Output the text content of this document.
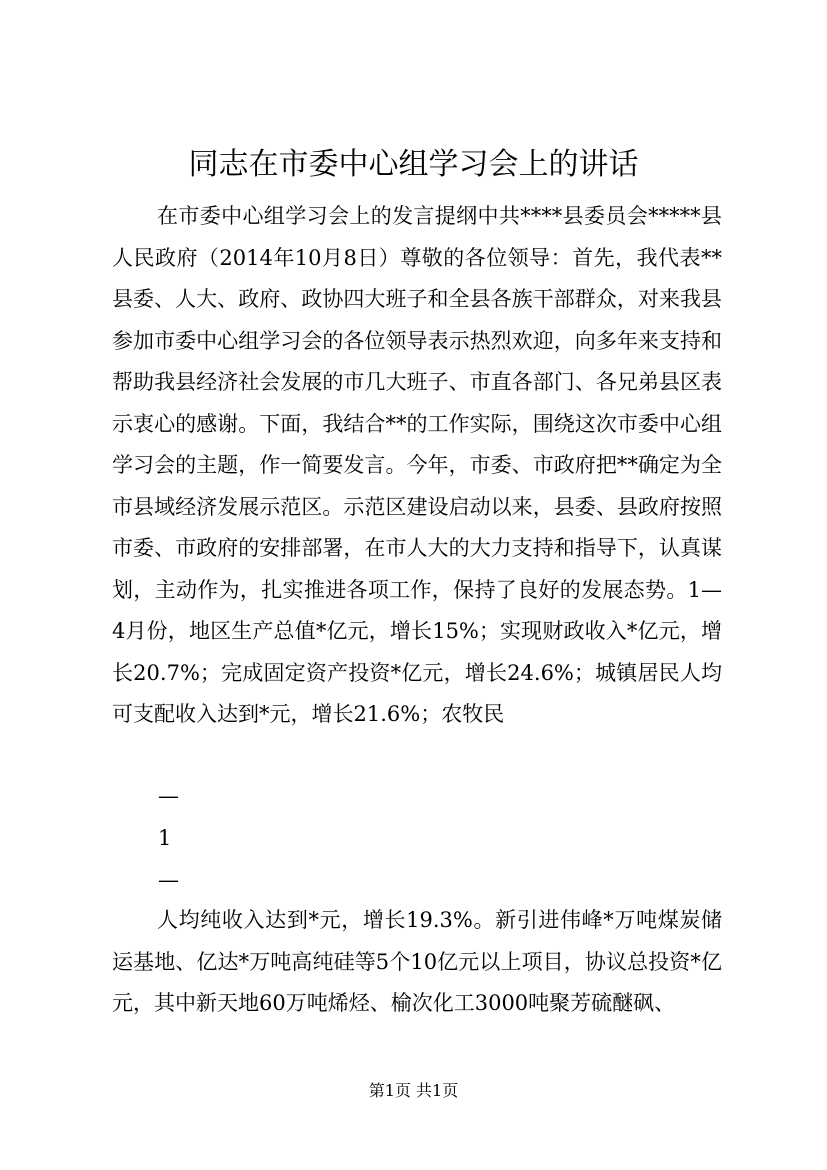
同志在市委中心组学习会上的讲话

在市委中心组学习会上的发言提纲中共****县委员会*****县人民政府（2014年10月8日）尊敬的各位领导：首先，我代表**县委、人大、政府、政协四大班子和全县各族干部群众，对来我县参加市委中心组学习会的各位领导表示热烈欢迎，向多年来支持和帮助我县经济社会发展的市几大班子、市直各部门、各兄弟县区表示衷心的感谢。下面，我结合**的工作实际，围绕这次市委中心组学习会的主题，作一简要发言。今年，市委、市政府把**确定为全市县域经济发展示范区。示范区建设启动以来，县委、县政府按照市委、市政府的安排部署，在市人大的大力支持和指导下，认真谋划，主动作为，扎实推进各项工作，保持了良好的发展态势。1—4月份，地区生产总值*亿元，增长15%；实现财政收入*亿元，增长20.7%；完成固定资产投资*亿元，增长24.6%；城镇居民人均可支配收入达到*元，增长21.6%；农牧民

—
1
—

人均纯收入达到*元，增长19.3%。新引进伟峰*万吨煤炭储运基地、亿达*万吨高纯硅等5个10亿元以上项目，协议总投资*亿元，其中新天地60万吨烯烃、榆次化工3000吨聚芳硫醚砜、

第1页 共1页
